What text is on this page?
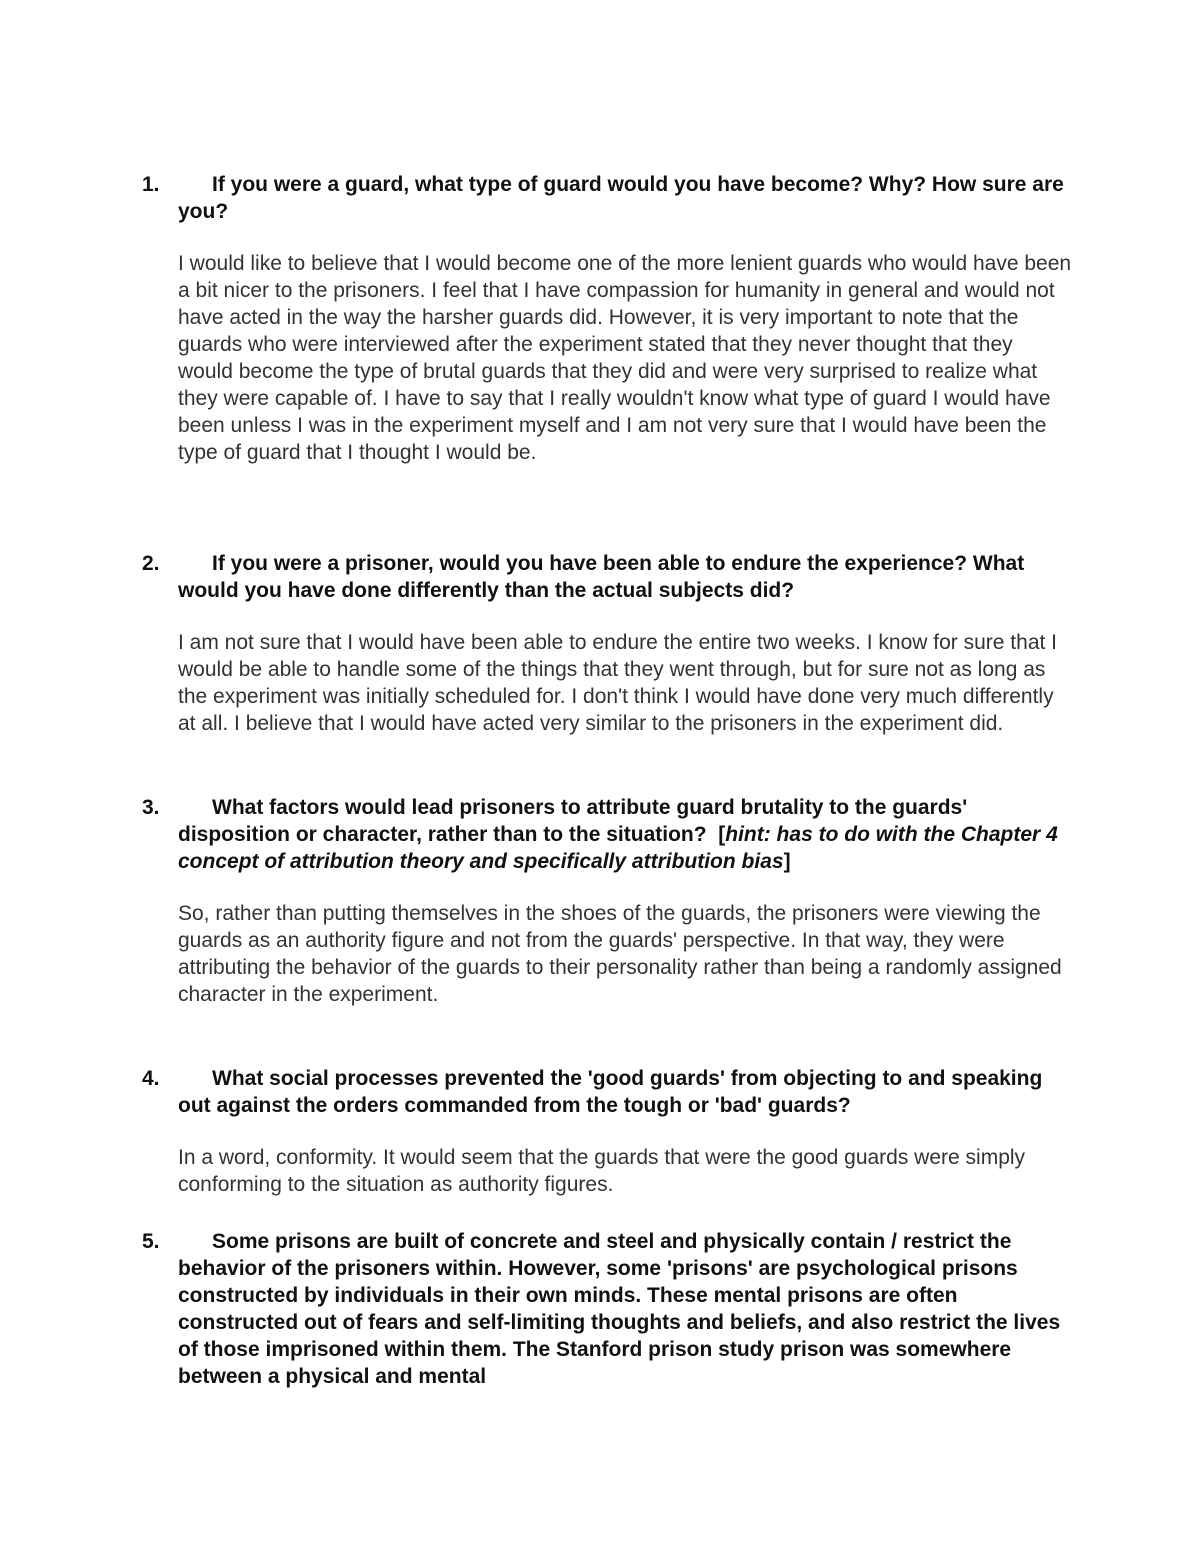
1.	If you were a guard, what type of guard would you have become? Why? How sure are you?
I would like to believe that I would become one of the more lenient guards who would have been a bit nicer to the prisoners. I feel that I have compassion for humanity in general and would not have acted in the way the harsher guards did. However, it is very important to note that the guards who were interviewed after the experiment stated that they never thought that they would become the type of brutal guards that they did and were very surprised to realize what they were capable of. I have to say that I really wouldn't know what type of guard I would have been unless I was in the experiment myself and I am not very sure that I would have been the type of guard that I thought I would be.
2.	If you were a prisoner, would you have been able to endure the experience? What would you have done differently than the actual subjects did?
I am not sure that I would have been able to endure the entire two weeks. I know for sure that I would be able to handle some of the things that they went through, but for sure not as long as the experiment was initially scheduled for. I don't think I would have done very much differently at all. I believe that I would have acted very similar to the prisoners in the experiment did.
3.	What factors would lead prisoners to attribute guard brutality to the guards' disposition or character, rather than to the situation? [hint: has to do with the Chapter 4 concept of attribution theory and specifically attribution bias]
So, rather than putting themselves in the shoes of the guards, the prisoners were viewing the guards as an authority figure and not from the guards' perspective. In that way, they were attributing the behavior of the guards to their personality rather than being a randomly assigned character in the experiment.
4.	What social processes prevented the 'good guards' from objecting to and speaking out against the orders commanded from the tough or 'bad' guards?
In a word, conformity. It would seem that the guards that were the good guards were simply conforming to the situation as authority figures.
5.	Some prisons are built of concrete and steel and physically contain / restrict the behavior of the prisoners within. However, some 'prisons' are psychological prisons constructed by individuals in their own minds. These mental prisons are often constructed out of fears and self-limiting thoughts and beliefs, and also restrict the lives of those imprisoned within them. The Stanford prison study prison was somewhere between a physical and mental
